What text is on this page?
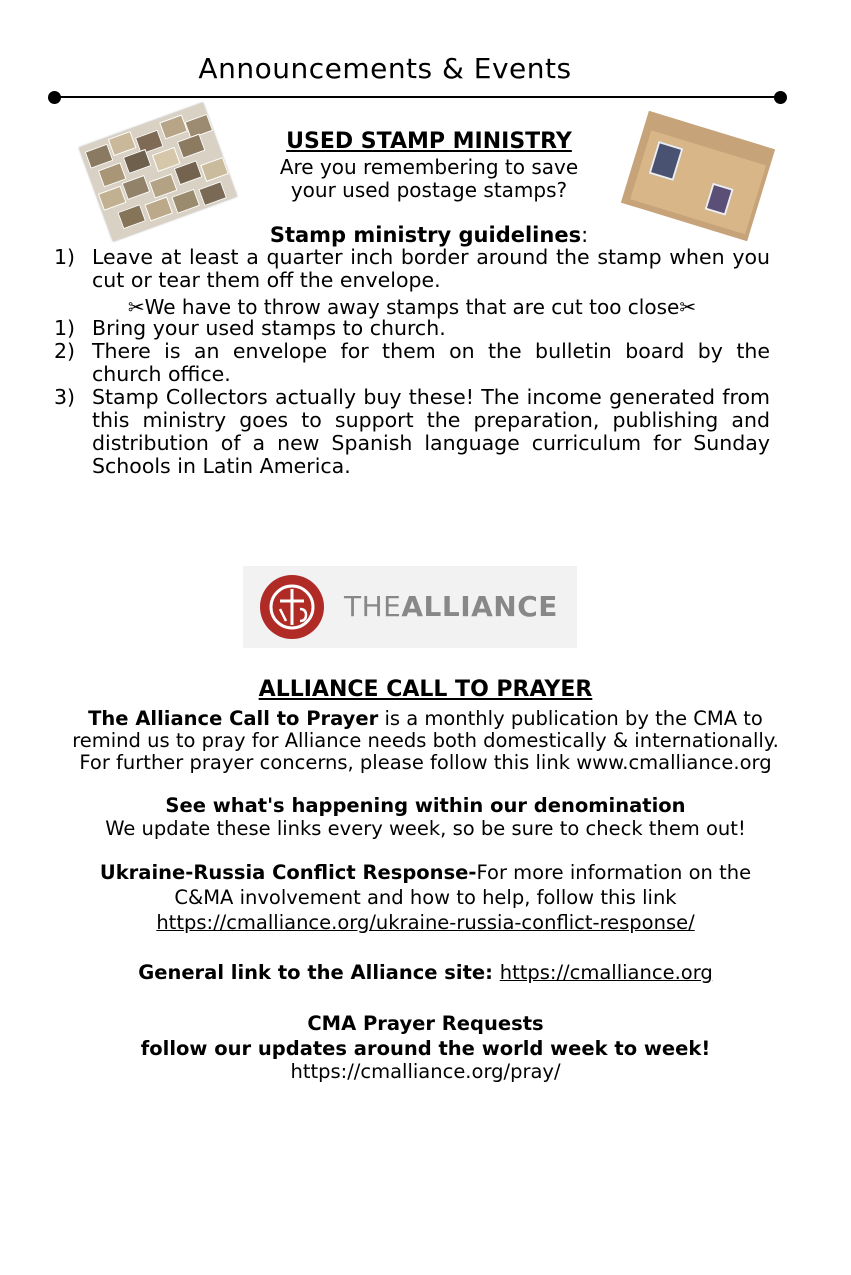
Announcements & Events
USED STAMP MINISTRY
Are you remembering to save
your used postage stamps?
Stamp ministry guidelines:
1) Leave at least a quarter inch border around the stamp when you cut or tear them off the envelope.
✂We have to throw away stamps that are cut too close✂
1) Bring your used stamps to church.
2) There is an envelope for them on the bulletin board by the church office.
3) Stamp Collectors actually buy these! The income generated from this ministry goes to support the preparation, publishing and distribution of a new Spanish language curriculum for Sunday Schools in Latin America.
THEALLIANCE
ALLIANCE CALL TO PRAYER
The Alliance Call to Prayer is a monthly publication by the CMA to
remind us to pray for Alliance needs both domestically & internationally.
For further prayer concerns, please follow this link www.cmalliance.org
See what's happening within our denomination
We update these links every week, so be sure to check them out!
Ukraine-Russia Conflict Response-For more information on the
C&MA involvement and how to help, follow this link
https://cmalliance.org/ukraine-russia-conflict-response/
General link to the Alliance site: https://cmalliance.org
CMA Prayer Requests
follow our updates around the world week to week!
https://cmalliance.org/pray/
